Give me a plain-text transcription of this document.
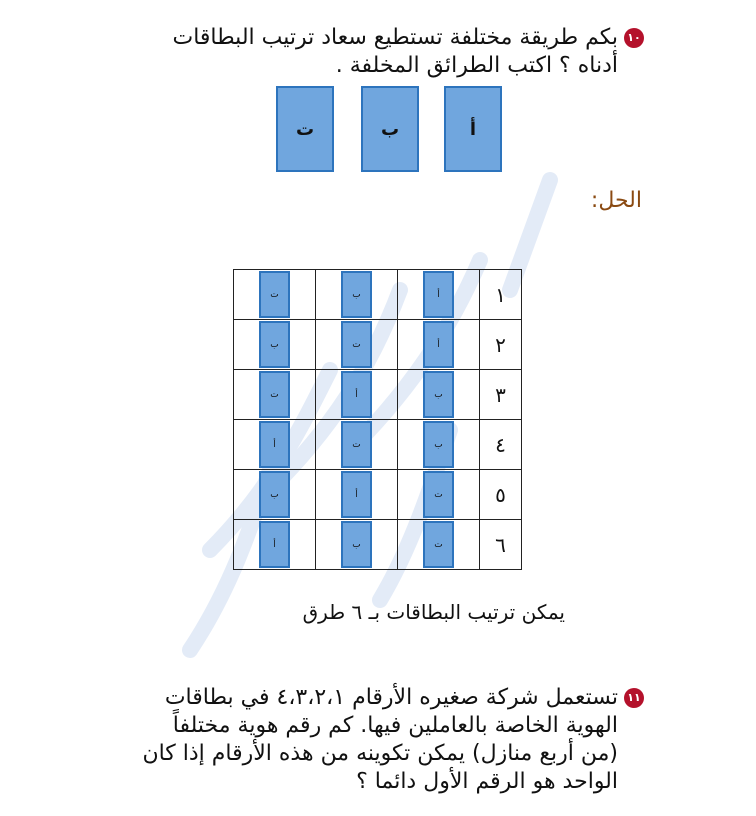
١٠بكم طريقة مختلفة تستطيع سعاد ترتيب البطاقات
أدناه ؟ اكتب الطرائق المخلفة .
ت	ب	أ
الحل:
ت	ب	أ	١

ب	ت	أ	٢

ت	أ	ب	٣

أ	ت	ب	٤

ب	أ	ت	٥

أ	ب	ت	٦
يمكن ترتيب البطاقات بـ ٦ طرق
١١تستعمل شركة صغيره الأرقام ٤،٣،٢،١ في بطاقات
الهوية الخاصة بالعاملين فيها. كم رقم هوية مختلفاً
(من أربع منازل) يمكن تكوينه من هذه الأرقام إذا كان
الواحد هو الرقم الأول دائما ؟
